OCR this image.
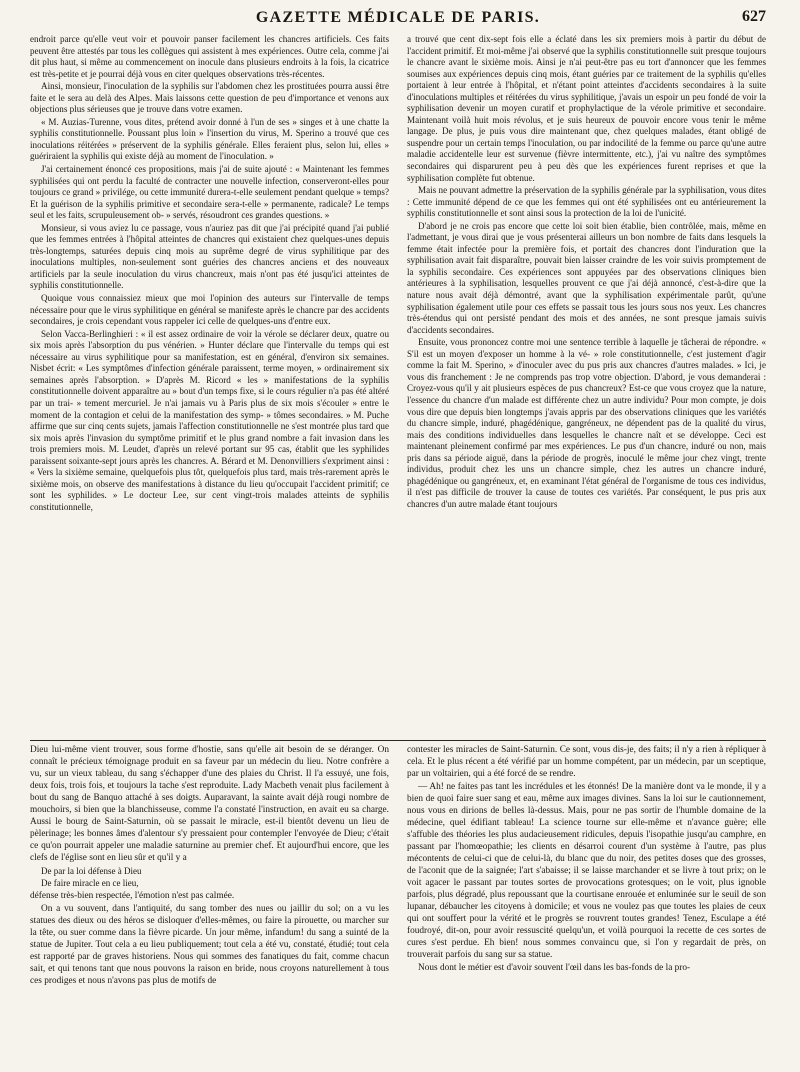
GAZETTE MÉDICALE DE PARIS.	627

endroit parce qu'elle veut voir et pouvoir panser facilement les chancres artificiels. Ces faits peuvent être attestés par tous les collègues qui assistent à mes expériences. Outre cela, comme j'ai dit plus haut, si même au commencement on inocule dans plusieurs endroits à la fois, la cicatrice est très-petite et je pourrai déjà vous en citer quelques observations très-récentes.

Ainsi, monsieur, l'inoculation de la syphilis sur l'abdomen chez les prostituées pourra aussi être faite et le sera au delà des Alpes. Mais laissons cette question de peu d'importance et venons aux objections plus sérieuses que je trouve dans votre examen.

« M. Auzias-Turenne, vous dites, prétend avoir donné à l'un de ses » singes et à une chatte la syphilis constitutionnelle. Poussant plus loin » l'insertion du virus, M. Sperino a trouvé que ces inoculations réitérées » préservent de la syphilis générale. Elles feraient plus, selon lui, elles » guériraient la syphilis qui existe déjà au moment de l'inoculation. »

J'ai certainement énoncé ces propositions, mais j'ai de suite ajouté : « Maintenant les femmes syphilisées qui ont perdu la faculté de contracter une nouvelle infection, conserveront-elles pour toujours ce grand » privilége, ou cette immunité durera-t-elle seulement pendant quelque » temps? Et la guérison de la syphilis primitive et secondaire sera-t-elle » permanente, radicale? Le temps seul et les faits, scrupuleusement ob- » servés, résoudront ces grandes questions. »

Monsieur, si vous aviez lu ce passage, vous n'auriez pas dit que j'ai précipité quand j'ai publié que les femmes entrées à l'hôpital atteintes de chancres qui existaient chez quelques-unes depuis très-longtemps, saturées depuis cinq mois au suprême degré de virus syphilitique par des inoculations multiples, non-seulement sont guéries des chancres anciens et des nouveaux artificiels par la seule inoculation du virus chancreux, mais n'ont pas été jusqu'ici atteintes de syphilis constitutionnelle.

Quoique vous connaissiez mieux que moi l'opinion des auteurs sur l'intervalle de temps nécessaire pour que le virus syphilitique en général se manifeste après le chancre par des accidents secondaires, je crois cependant vous rappeler ici celle de quelques-uns d'entre eux.

Selon Vacca-Berlinghieri : « il est assez ordinaire de voir la vérole se déclarer deux, quatre ou six mois après l'absorption du pus vénérien. » Hunter déclare que l'intervalle du temps qui est nécessaire au virus syphilitique pour sa manifestation, est en général, d'environ six semaines. Nisbet écrit: « Les symptômes d'infection générale paraissent, terme moyen, » ordinairement six semaines après l'absorption. » D'après M. Ricord « les » manifestations de la syphilis constitutionnelle doivent apparaître au » bout d'un temps fixe, si le cours régulier n'a pas été altéré par un trai- » tement mercuriel. Je n'ai jamais vu à Paris plus de six mois s'écouler » entre le moment de la contagion et celui de la manifestation des symp- » tômes secondaires. » M. Puche affirme que sur cinq cents sujets, jamais l'affection constitutionnelle ne s'est montrée plus tard que six mois après l'invasion du symptôme primitif et le plus grand nombre a fait invasion dans les trois premiers mois. M. Leudet, d'après un relevé portant sur 95 cas, établit que les syphilides paraissent soixante-sept jours après les chancres. A. Bérard et M. Denonvilliers s'expriment ainsi : « Vers la sixième semaine, quelquefois plus tôt, quelquefois plus tard, mais très-rarement après le sixième mois, on observe des manifestations à distance du lieu qu'occupait l'accident primitif; ce sont les syphilides. » Le docteur Lee, sur cent vingt-trois malades atteints de syphilis constitutionnelle,

a trouvé que cent dix-sept fois elle a éclaté dans les six premiers mois à partir du début de l'accident primitif. Et moi-même j'ai observé que la syphilis constitutionnelle suit presque toujours le chancre avant le sixième mois. Ainsi je n'ai peut-être pas eu tort d'annoncer que les femmes soumises aux expériences depuis cinq mois, étant guéries par ce traitement de la syphilis qu'elles portaient à leur entrée à l'hôpital, et n'étant point atteintes d'accidents secondaires à la suite d'inoculations multiples et réitérées du virus syphilitique, j'avais un espoir un peu fondé de voir la syphilisation devenir un moyen curatif et prophylactique de la vérole primitive et secondaire. Maintenant voilà huit mois révolus, et je suis heureux de pouvoir encore vous tenir le même langage. De plus, je puis vous dire maintenant que, chez quelques malades, étant obligé de suspendre pour un certain temps l'inoculation, ou par indocilité de la femme ou parce qu'une autre maladie accidentelle leur est survenue (fièvre intermittente, etc.), j'ai vu naître des symptômes secondaires qui disparurent peu à peu dès que les expériences furent reprises et que la syphilisation complète fut obtenue.

Mais ne pouvant admettre la préservation de la syphilis générale par la syphilisation, vous dites : Cette immunité dépend de ce que les femmes qui ont été syphilisées ont eu antérieurement la syphilis constitutionnelle et sont ainsi sous la protection de la loi de l'unicité.

D'abord je ne crois pas encore que cette loi soit bien établie, bien contrôlée, mais, même en l'admettant, je vous dirai que je vous présenterai ailleurs un bon nombre de faits dans lesquels la femme était infectée pour la première fois, et portait des chancres dont l'induration que la syphilisation avait fait disparaître, pouvait bien laisser craindre de les voir suivis promptement de la syphilis secondaire. Ces expériences sont appuyées par des observations cliniques bien antérieures à la syphilisation, lesquelles prouvent ce que j'ai déjà annoncé, c'est-à-dire que la nature nous avait déjà démontré, avant que la syphilisation expérimentale parût, qu'une syphilisation également utile pour ces effets se passait tous les jours sous nos yeux. Les chancres très-étendus qui ont persisté pendant des mois et des années, ne sont presque jamais suivis d'accidents secondaires.

Ensuite, vous prononcez contre moi une sentence terrible à laquelle je tâcherai de répondre. « S'il est un moyen d'exposer un homme à la vé- » role constitutionnelle, c'est justement d'agir comme la fait M. Sperino, » d'inoculer avec du pus pris aux chancres d'autres malades. » Ici, je vous dis franchement : Je ne comprends pas trop votre objection. D'abord, je vous demanderai : Croyez-vous qu'il y ait plusieurs espèces de pus chancreux? Est-ce que vous croyez que la nature, l'essence du chancre d'un malade est différente chez un autre individu? Pour mon compte, je dois vous dire que depuis bien longtemps j'avais appris par des observations cliniques que les variétés du chancre simple, induré, phagédénique, gangréneux, ne dépendent pas de la qualité du virus, mais des conditions individuelles dans lesquelles le chancre naît et se développe. Ceci est maintenant pleinement confirmé par mes expériences. Le pus d'un chancre, induré ou non, mais pris dans sa période aiguë, dans la période de progrès, inoculé le même jour chez vingt, trente individus, produit chez les uns un chancre simple, chez les autres un chancre induré, phagédénique ou gangréneux, et, en examinant l'état général de l'organisme de tous ces individus, il n'est pas difficile de trouver la cause de toutes ces variétés. Par conséquent, le pus pris aux chancres d'un autre malade étant toujours

Dieu lui-même vient trouver, sous forme d'hostie, sans qu'elle ait besoin de se déranger. On connaît le précieux témoignage produit en sa faveur par un médecin du lieu. Notre confrère a vu, sur un vieux tableau, du sang s'échapper d'une des plaies du Christ. Il l'a essuyé, une fois, deux fois, trois fois, et toujours la tache s'est reproduite. Lady Macbeth venait plus facilement à bout du sang de Banquo attaché à ses doigts. Auparavant, la sainte avait déjà rougi nombre de mouchoirs, si bien que la blanchisseuse, comme l'a constaté l'instruction, en avait eu sa charge. Aussi le bourg de Saint-Saturnin, où se passait le miracle, est-il bientôt devenu un lieu de pèlerinage; les bonnes âmes d'alentour s'y pressaient pour contempler l'envoyée de Dieu; c'était ce qu'on pourrait appeler une maladie saturnine au premier chef. Et aujourd'hui encore, que les clefs de l'église sont en lieu sûr et qu'il y a

De par la loi défense à Dieu

De faire miracle en ce lieu,

défense très-bien respectée, l'émotion n'est pas calmée.

On a vu souvent, dans l'antiquité, du sang tomber des nues ou jaillir du sol; on a vu les statues des dieux ou des héros se disloquer d'elles-mêmes, ou faire la pirouette, ou marcher sur la tête, ou suer comme dans la fièvre picarde. Un jour même, infandum! du sang a suinté de la statue de Jupiter. Tout cela a eu lieu publiquement; tout cela a été vu, constaté, étudié; tout cela est rapporté par de graves historiens. Nous qui sommes des fanatiques du fait, comme chacun sait, et qui tenons tant que nous pouvons la raison en bride, nous croyons naturellement à tous ces prodiges et nous n'avons pas plus de motifs de

contester les miracles de Saint-Saturnin. Ce sont, vous dis-je, des faits; il n'y a rien à répliquer à cela. Et le plus récent a été vérifié par un homme compétent, par un médecin, par un sceptique, par un voltairien, qui a été forcé de se rendre.

— Ah! ne faites pas tant les incrédules et les étonnés! De la manière dont va le monde, il y a bien de quoi faire suer sang et eau, même aux images divines. Sans la loi sur le cautionnement, nous vous en dirions de belles là-dessus. Mais, pour ne pas sortir de l'humble domaine de la médecine, quel édifiant tableau! La science tourne sur elle-même et n'avance guère; elle s'affuble des théories les plus audacieusement ridicules, depuis l'isopathie jusqu'au camphre, en passant par l'homœopathie; les clients en désarroi courent d'un système à l'autre, pas plus mécontents de celui-ci que de celui-là, du blanc que du noir, des petites doses que des grosses, de l'aconit que de la saignée; l'art s'abaisse; il se laisse marchander et se livre à tout prix; on le voit agacer le passant par toutes sortes de provocations grotesques; on le voit, plus ignoble parfois, plus dégradé, plus repoussant que la courtisane enrouée et enluminée sur le seuil de son lupanar, débaucher les citoyens à domicile; et vous ne voulez pas que toutes les plaies de ceux qui ont souffert pour la vérité et le progrès se rouvrent toutes grandes! Tenez, Esculape a été foudroyé, dit-on, pour avoir ressuscité quelqu'un, et voilà pourquoi la recette de ces sortes de cures s'est perdue. Eh bien! nous sommes convaincu que, si l'on y regardait de près, on trouverait parfois du sang sur sa statue.

Nous dont le métier est d'avoir souvent l'œil dans les bas-fonds de la pro-
